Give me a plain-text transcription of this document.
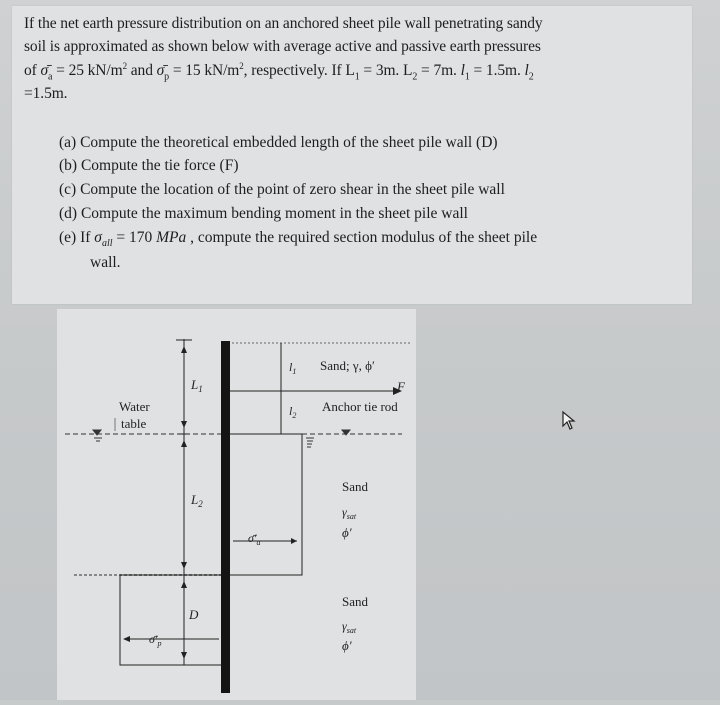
If the net earth pressure distribution on an anchored sheet pile wall penetrating sandy
soil is approximated as shown below with average active and passive earth pressures
of $\sigmā_a = 25$ $kN/m^2$ and $\sigmā_p = 15$ $kN/m^2$, respectively. If $L_1 = 3m$. $L_2 = 7m$. $l_1 = 1.5m$. $l_2$
=1.5m.
(a) Compute the theoretical embedded length of the sheet pile wall (D)
(b) Compute the tie force (F)
(c) Compute the location of the point of zero shear in the sheet pile wall
(d) Compute the maximum bending moment in the sheet pile wall
(e) If $\sigma_{all} = 170$ MPa , compute the required section modulus of the sheet pile
wall.
$L_1$
$L_2$
D
$l_1$
$l_2$
Water
table
Sand; γ, ϕ′
F
Anchor tie rod
Sand
$\gamma_{sat}$
ϕ′
Sand
$\gamma_{sat}$
ϕ′
$\sigmā'_a$
$\sigmā'_p$
